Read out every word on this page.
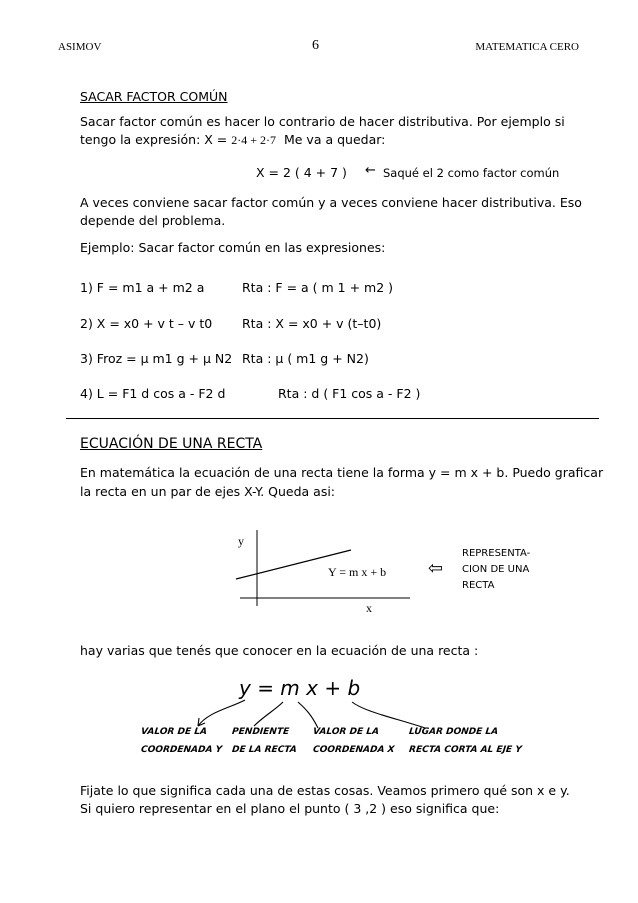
ASIMOV	6	MATEMATICA CERO
SACAR FACTOR COMÚN
Sacar factor común es hacer lo contrario de hacer distributiva. Por ejemplo si
tengo la expresión: X = 2·4 + 2·7 Me va a quedar:
X = 2 ( 4 + 7 ) ← Saqué el 2 como factor común
A veces conviene sacar factor común y a veces conviene hacer distributiva. Eso
depende del problema.
Ejemplo: Sacar factor común en las expresiones:
1) F = m1 a + m2 a	Rta : F = a ( m 1 + m2 )
2) X = x0 + v t – v t0 Rta : X = x0 + v (t–t0)
3) Froz = μ m1 g + μ N2 Rta : μ ( m1 g + N2)
4) L = F1 d cos a - F2 d	Rta : d ( F1 cos a - F2 )
ECUACIÓN DE UNA RECTA
En matemática la ecuación de una recta tiene la forma y = m x + b. Puedo graficar
la recta en un par de ejes X-Y. Queda asi:
y
x
Y = m x + b ⇦
REPRESENTA-
CION DE UNA
RECTA
hay varias que tenés que conocer en la ecuación de una recta :
y = m x + b
VALOR DE LA
COORDENADA Y
PENDIENTE
DE LA RECTA
VALOR DE LA
COORDENADA X
LUGAR DONDE LA
RECTA CORTA AL EJE Y
Fijate lo que significa cada una de estas cosas. Veamos primero qué son x e y.
Si quiero representar en el plano el punto ( 3 ,2 ) eso significa que:
